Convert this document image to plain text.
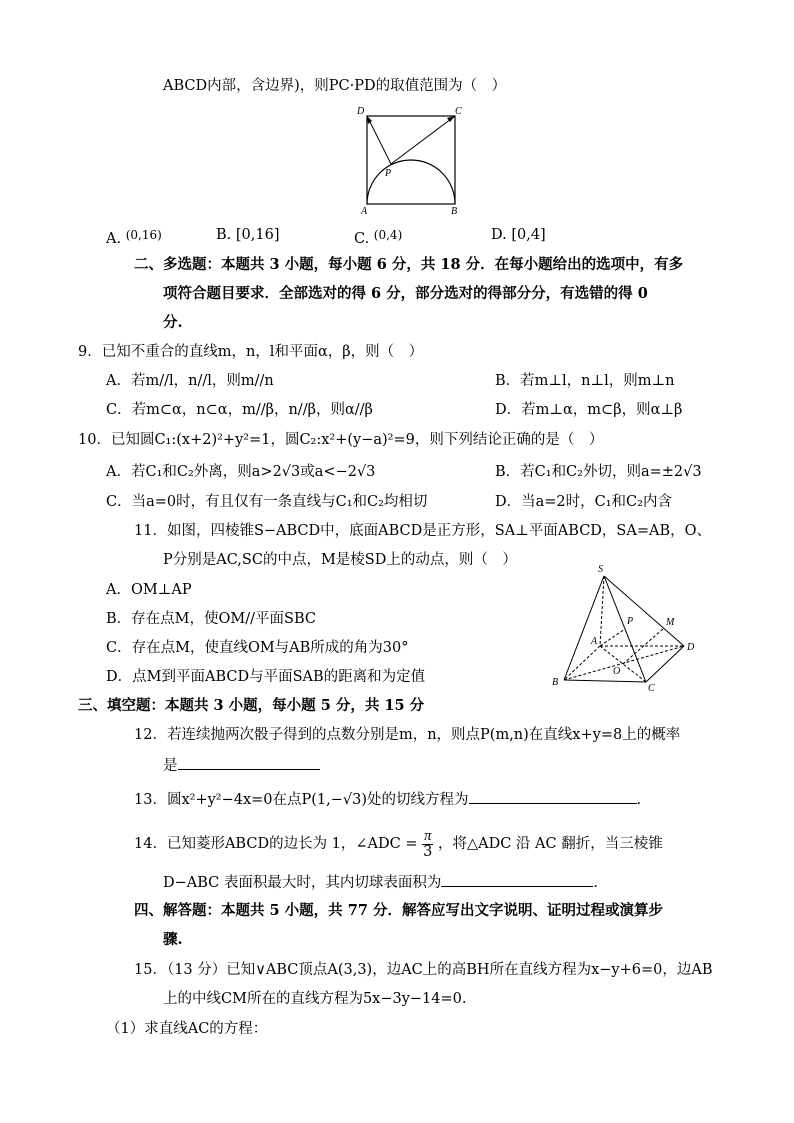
ABCD内部，含边界)，则PC·PD的取值范围为（　）
D	C
P
A	B
A. $^{(0,16)}$	B. [0,16]	C. $^{(0,4)}$	D. [0,4]
二、多选题：本题共 3 小题，每小题 6 分，共 18 分．在每小题给出的选项中，有多
项符合题目要求．全部选对的得 6 分，部分选对的得部分分，有选错的得 0
分.
9．已知不重合的直线m，n，l和平面α，β，则（　）
A．若m//l，n//l，则m//n	B．若m⊥l，n⊥l，则m⊥n
C．若m⊂α，n⊂α，m//β，n//β，则α//β	D．若m⊥α，m⊂β，则α⊥β
10．已知圆C₁:(x+2)²+y²=1，圆C₂:x²+(y−a)²=9，则下列结论正确的是（　）
A．若C₁和C₂外离，则a>2√3或a<−2√3	B．若C₁和C₂外切，则a=±2√3
C．当a=0时，有且仅有一条直线与C₁和C₂均相切	D．当a=2时，C₁和C₂内含
11．如图，四棱锥S−ABCD中，底面ABCD是正方形，SA⊥平面ABCD，SA=AB，O、
P分别是AC,SC的中点，M是棱SD上的动点，则（　）
A．OM⊥AP
B．存在点M，使OM//平面SBC
C．存在点M，使直线OM与AB所成的角为30°
D．点M到平面ABCD与平面SAB的距离和为定值
S
M
P
A
D
O
B
C
三、填空题：本题共 3 小题，每小题 5 分，共 15 分
12．若连续抛两次骰子得到的点数分别是m，n，则点P(m,n)在直线x+y=8上的概率
是
13．圆x²+y²−4x=0在点P(1,−√3)处的切线方程为	.
14．已知菱形ABCD的边长为 1，∠ADC = $\frac{\pi}{3}$ ，将△ADC 沿 AC 翻折，当三棱锥
D−ABC 表面积最大时，其内切球表面积为	.
四、解答题：本题共 5 小题，共 77 分．解答应写出文字说明、证明过程或演算步
骤.
15．（13 分）已知∨ABC顶点A(3,3)，边AC上的高BH所在直线方程为x−y+6=0，边AB
上的中线CM所在的直线方程为5x−3y−14=0.
（1）求直线AC的方程：
